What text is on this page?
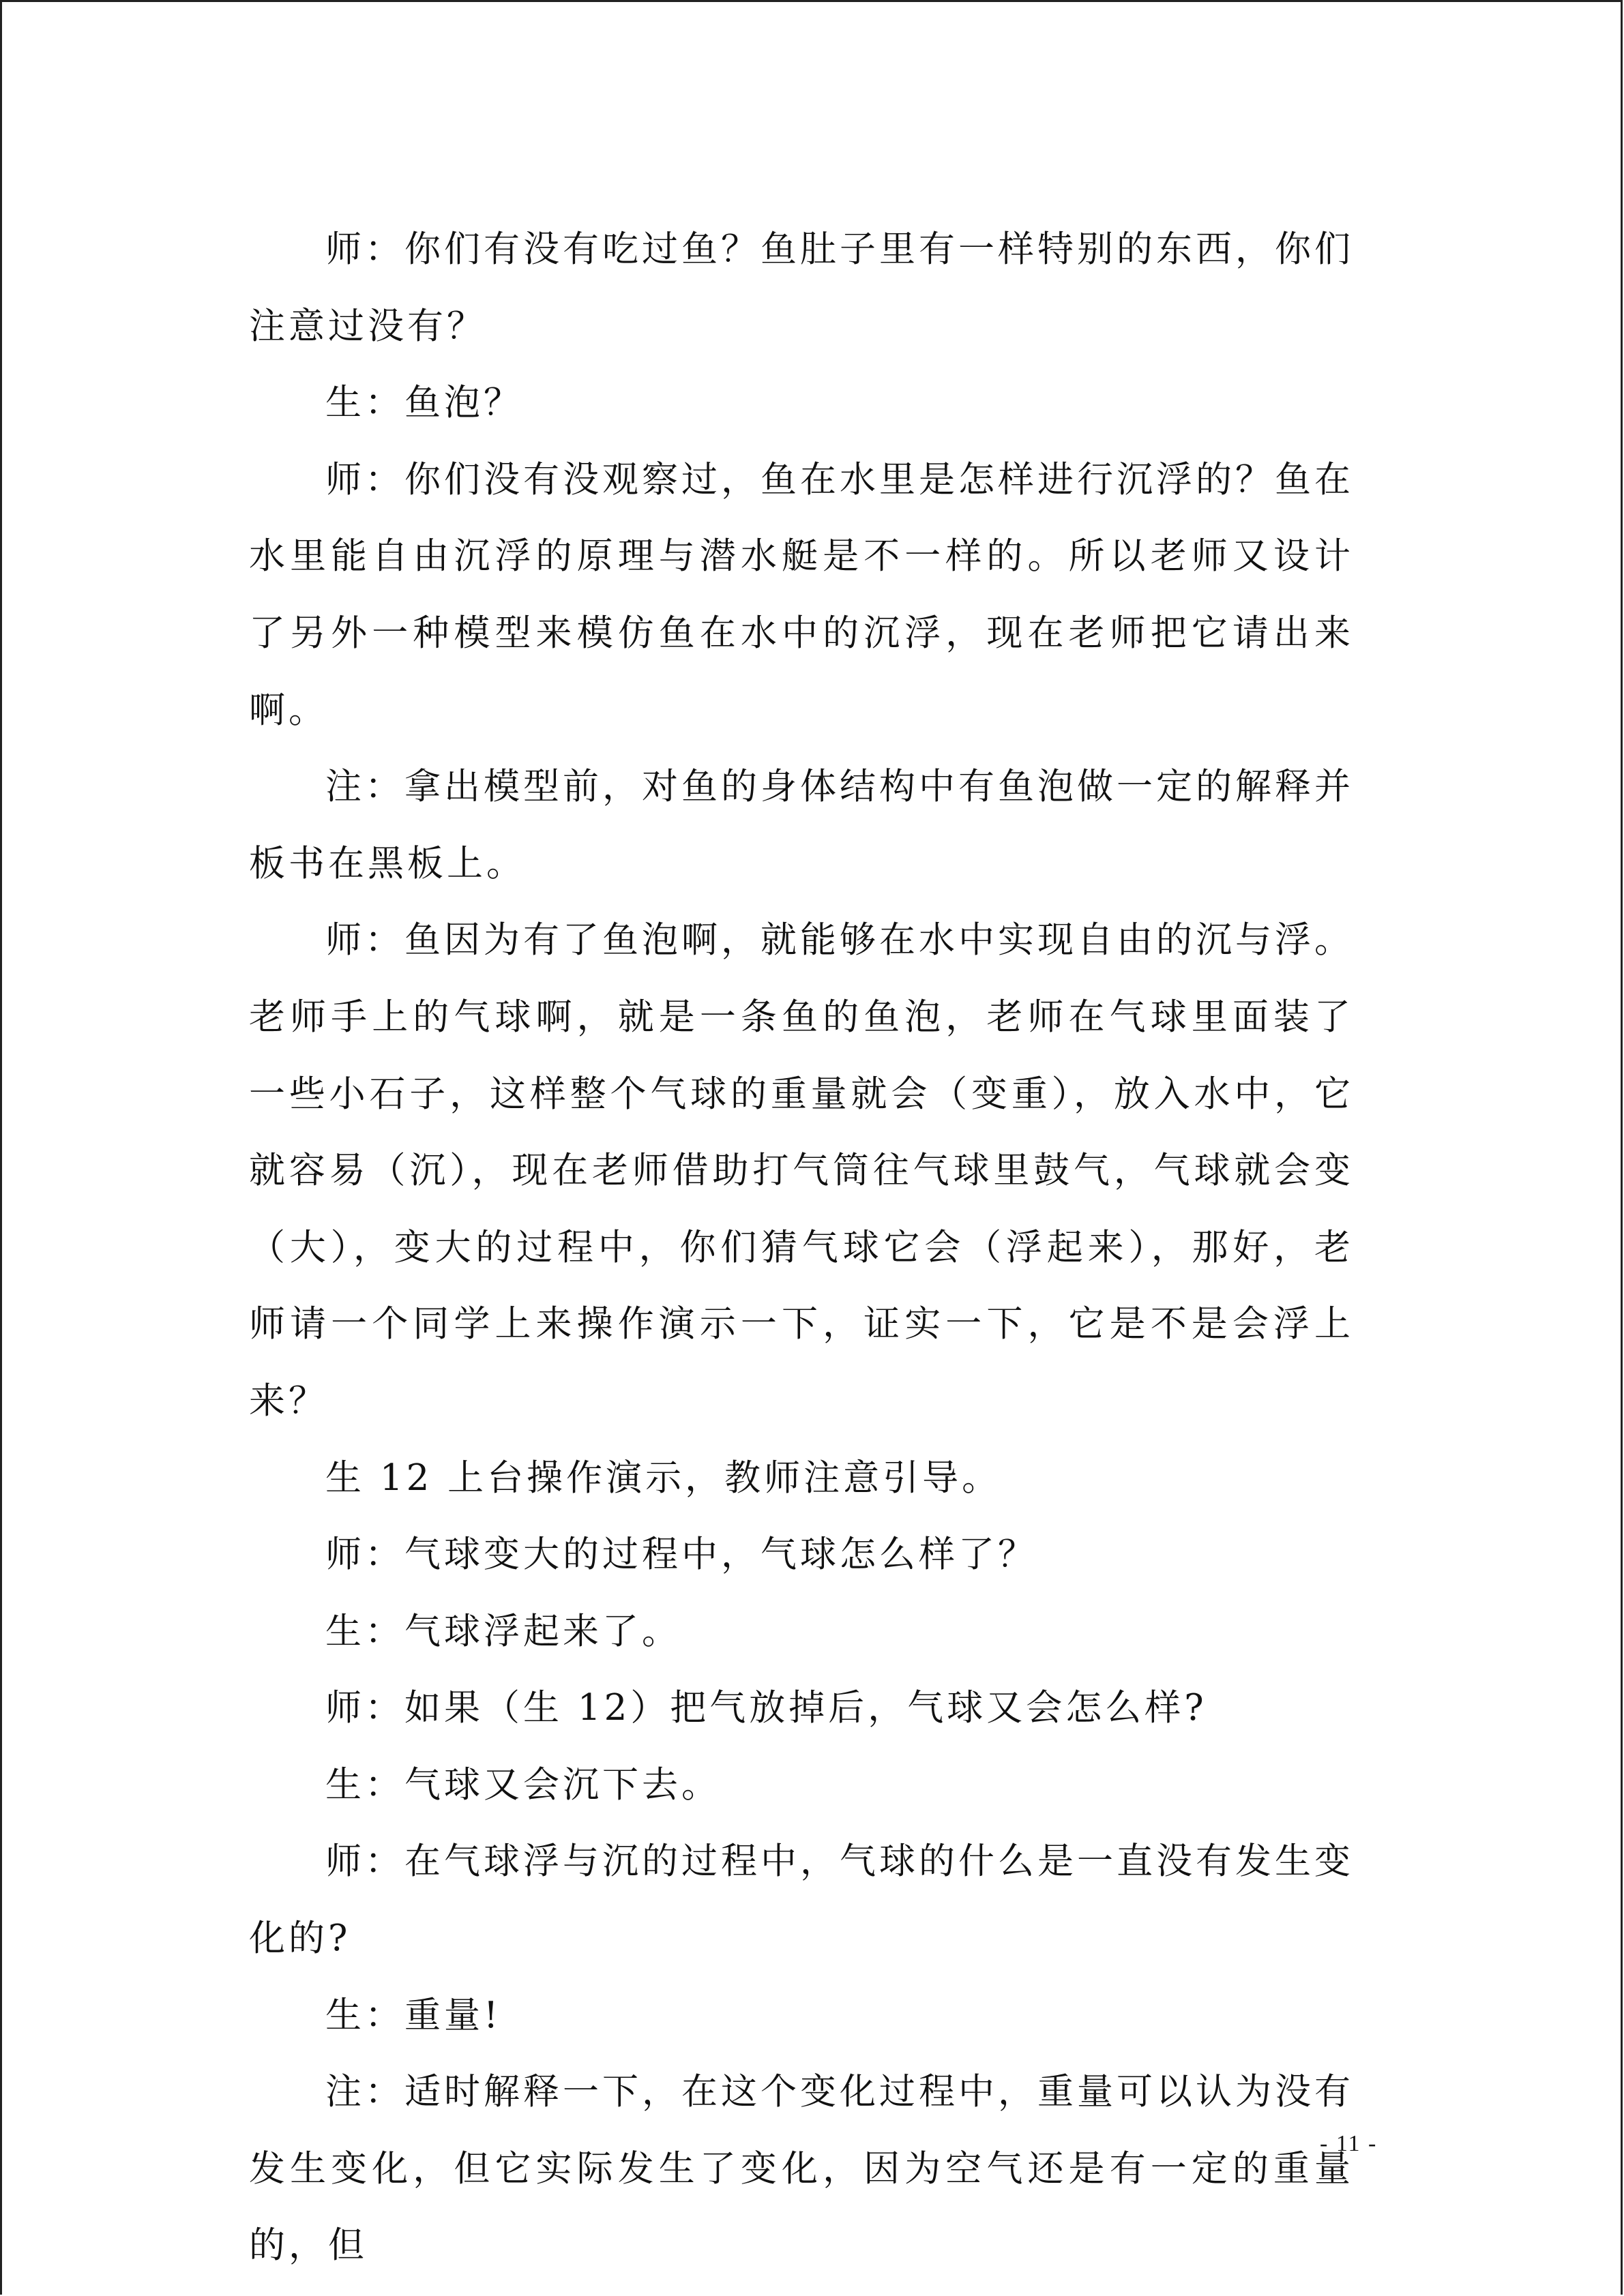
师：你们有没有吃过鱼？鱼肚子里有一样特别的东西，你们注意过没有？

生：鱼泡？

师：你们没有没观察过，鱼在水里是怎样进行沉浮的？鱼在水里能自由沉浮的原理与潜水艇是不一样的。所以老师又设计了另外一种模型来模仿鱼在水中的沉浮，现在老师把它请出来啊。

注：拿出模型前，对鱼的身体结构中有鱼泡做一定的解释并板书在黑板上。

师：鱼因为有了鱼泡啊，就能够在水中实现自由的沉与浮。老师手上的气球啊，就是一条鱼的鱼泡，老师在气球里面装了一些小石子，这样整个气球的重量就会（变重），放入水中，它就容易（沉），现在老师借助打气筒往气球里鼓气，气球就会变（大），变大的过程中，你们猜气球它会（浮起来），那好，老师请一个同学上来操作演示一下，证实一下，它是不是会浮上来？

生 12 上台操作演示，教师注意引导。

师：气球变大的过程中，气球怎么样了？

生：气球浮起来了。

师：如果（生 12）把气放掉后，气球又会怎么样?

生：气球又会沉下去。

师：在气球浮与沉的过程中，气球的什么是一直没有发生变化的?

生：重量!

注：适时解释一下，在这个变化过程中，重量可以认为没有发生变化，但它实际发生了变化，因为空气还是有一定的重量的，但

- 11 -
